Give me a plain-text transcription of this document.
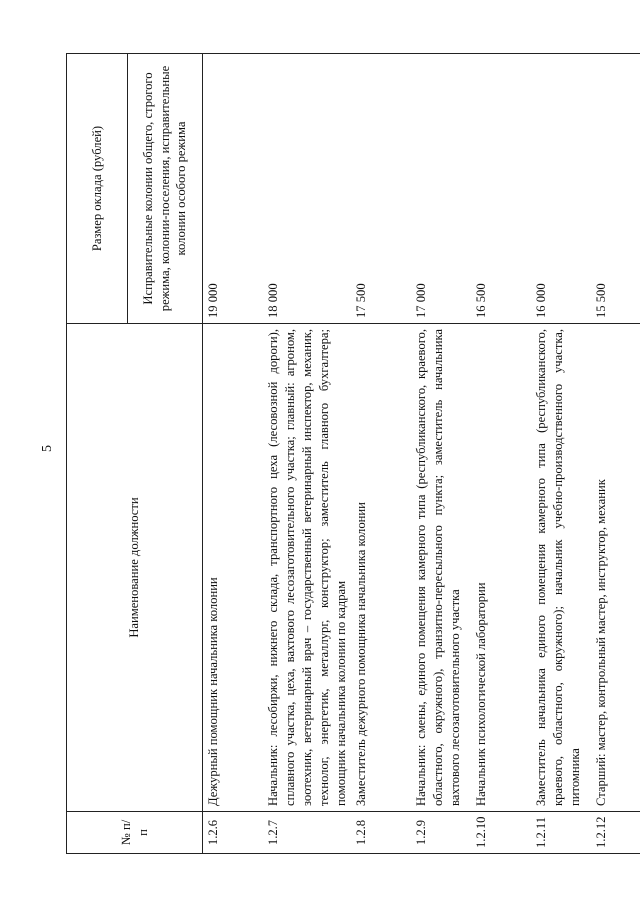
5
№ п/п	Наименование должности	Размер оклада (рублей)
		Исправительные колонии общего, строгого режима, колонии-поселения, исправительные колонии особого режима
1.2.6	Дежурный помощник начальника колонии	19 000
1.2.7	Начальник: лесобиржи, нижнего склада, транспортного цеха (лесовозной дороги), сплавного участка, цеха, вахтового лесозаготовительного участка; главный: агроном, зоотехник, ветеринарный врач – государственный ветеринарный инспектор, механик, технолог, энергетик, металлург, конструктор; заместитель главного бухгалтера; помощник начальника колонии по кадрам	18 000
1.2.8	Заместитель дежурного помощника начальника колонии	17 500
1.2.9	Начальник: смены, единого помещения камерного типа (республиканского, краевого, областного, окружного), транзитно-пересыльного пункта; заместитель начальника вахтового лесозаготовительного участка	17 000
1.2.10	Начальник психологической лаборатории	16 500
1.2.11	Заместитель начальника единого помещения камерного типа (республиканского, краевого, областного, окружного); начальник учебно-производственного участка, питомника	16 000
1.2.12	Старший: мастер, контрольный мастер, инструктор, механик	15 500
